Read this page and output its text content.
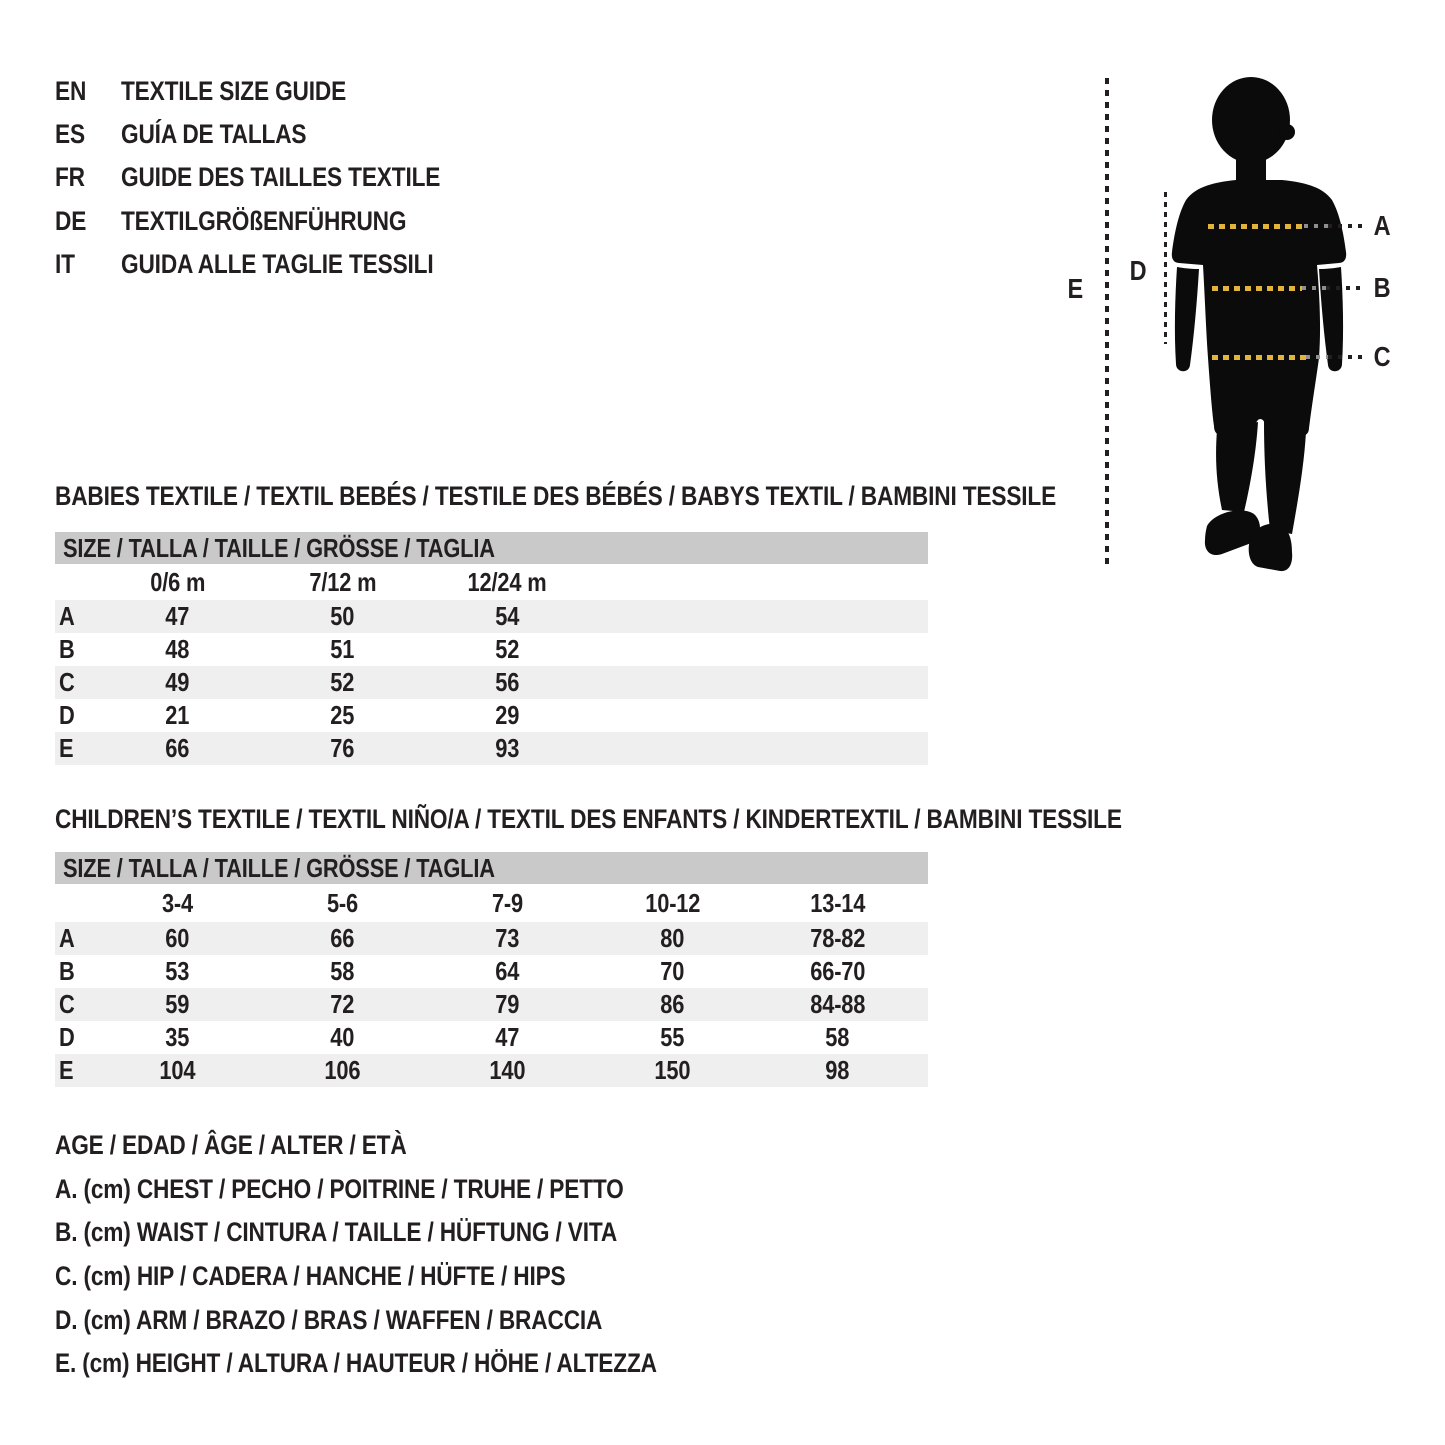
EN	TEXTILE SIZE GUIDE
ES	GUÍA DE TALLAS
FR	GUIDE DES TAILLES TEXTILE
DE	TEXTILGRÖßENFÜHRUNG
IT	GUIDA ALLE TAGLIE TESSILI
E
D
A
B
C
BABIES TEXTILE / TEXTIL BEBÉS / TESTILE DES BÉBÉS / BABYS TEXTIL / BAMBINI TESSILE
SIZE / TALLA / TAILLE / GRÖSSE / TAGLIA
0/6 m	7/12 m	12/24 m
A	47	50	54
B	48	51	52
C	49	52	56
D	21	25	29
E	66	76	93
CHILDREN’S TEXTILE / TEXTIL NIÑO/A / TEXTIL DES ENFANTS / KINDERTEXTIL / BAMBINI TESSILE
SIZE / TALLA / TAILLE / GRÖSSE / TAGLIA
3-4	5-6	7-9	10-12	13-14
A	60	66	73	80	78-82
B	53	58	64	70	66-70
C	59	72	79	86	84-88
D	35	40	47	55	58
E	104	106	140	150	98
AGE / EDAD / ÂGE / ALTER / ETÀ
A. (cm) CHEST / PECHO / POITRINE / TRUHE / PETTO
B. (cm) WAIST / CINTURA / TAILLE / HÜFTUNG / VITA
C. (cm) HIP / CADERA / HANCHE / HÜFTE / HIPS
D. (cm) ARM / BRAZO / BRAS / WAFFEN / BRACCIA
E. (cm) HEIGHT / ALTURA / HAUTEUR / HÖHE / ALTEZZA
